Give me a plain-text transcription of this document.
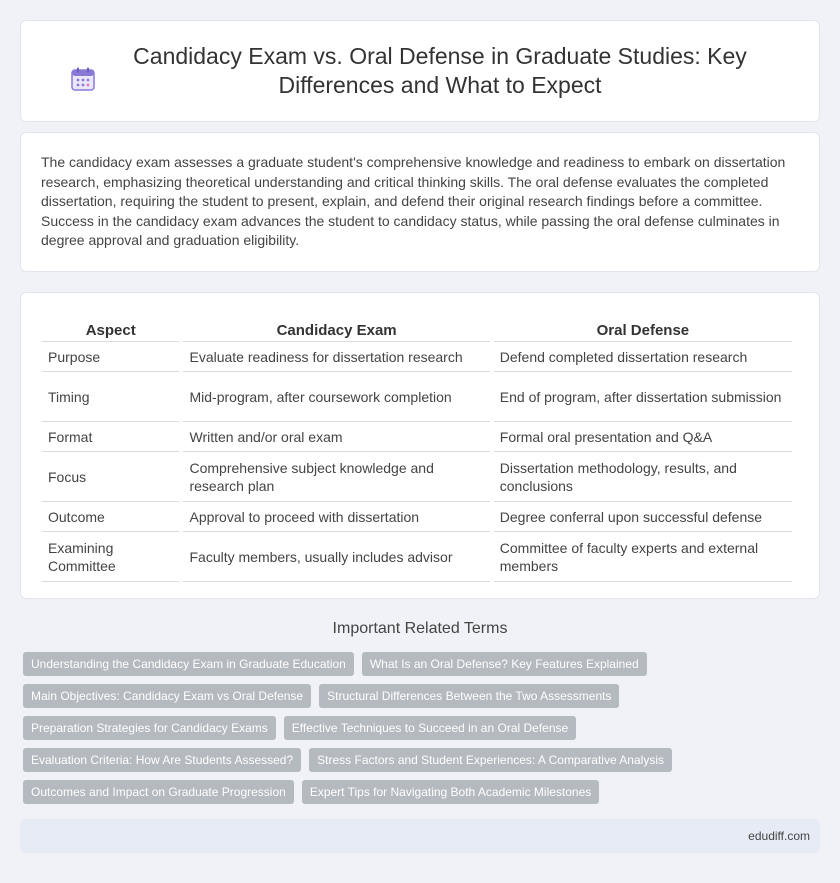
Candidacy Exam vs. Oral Defense in Graduate Studies: Key Differences and What to Expect

The candidacy exam assesses a graduate student's comprehensive knowledge and readiness to embark on dissertation research, emphasizing theoretical understanding and critical thinking skills. The oral defense evaluates the completed dissertation, requiring the student to present, explain, and defend their original research findings before a committee. Success in the candidacy exam advances the student to candidacy status, while passing the oral defense culminates in degree approval and graduation eligibility.

Aspect	Candidacy Exam	Oral Defense
Purpose	Evaluate readiness for dissertation research	Defend completed dissertation research
Timing	Mid-program, after coursework completion	End of program, after dissertation submission
Format	Written and/or oral exam	Formal oral presentation and Q&A
Focus	Comprehensive subject knowledge and research plan	Dissertation methodology, results, and conclusions
Outcome	Approval to proceed with dissertation	Degree conferral upon successful defense
Examining Committee	Faculty members, usually includes advisor	Committee of faculty experts and external members
Important Related Terms
Understanding the Candidacy Exam in Graduate Education	What Is an Oral Defense? Key Features Explained
Main Objectives: Candidacy Exam vs Oral Defense	Structural Differences Between the Two Assessments
Preparation Strategies for Candidacy Exams	Effective Techniques to Succeed in an Oral Defense
Evaluation Criteria: How Are Students Assessed?	Stress Factors and Student Experiences: A Comparative Analysis
Outcomes and Impact on Graduate Progression	Expert Tips for Navigating Both Academic Milestones
edudiff.com
